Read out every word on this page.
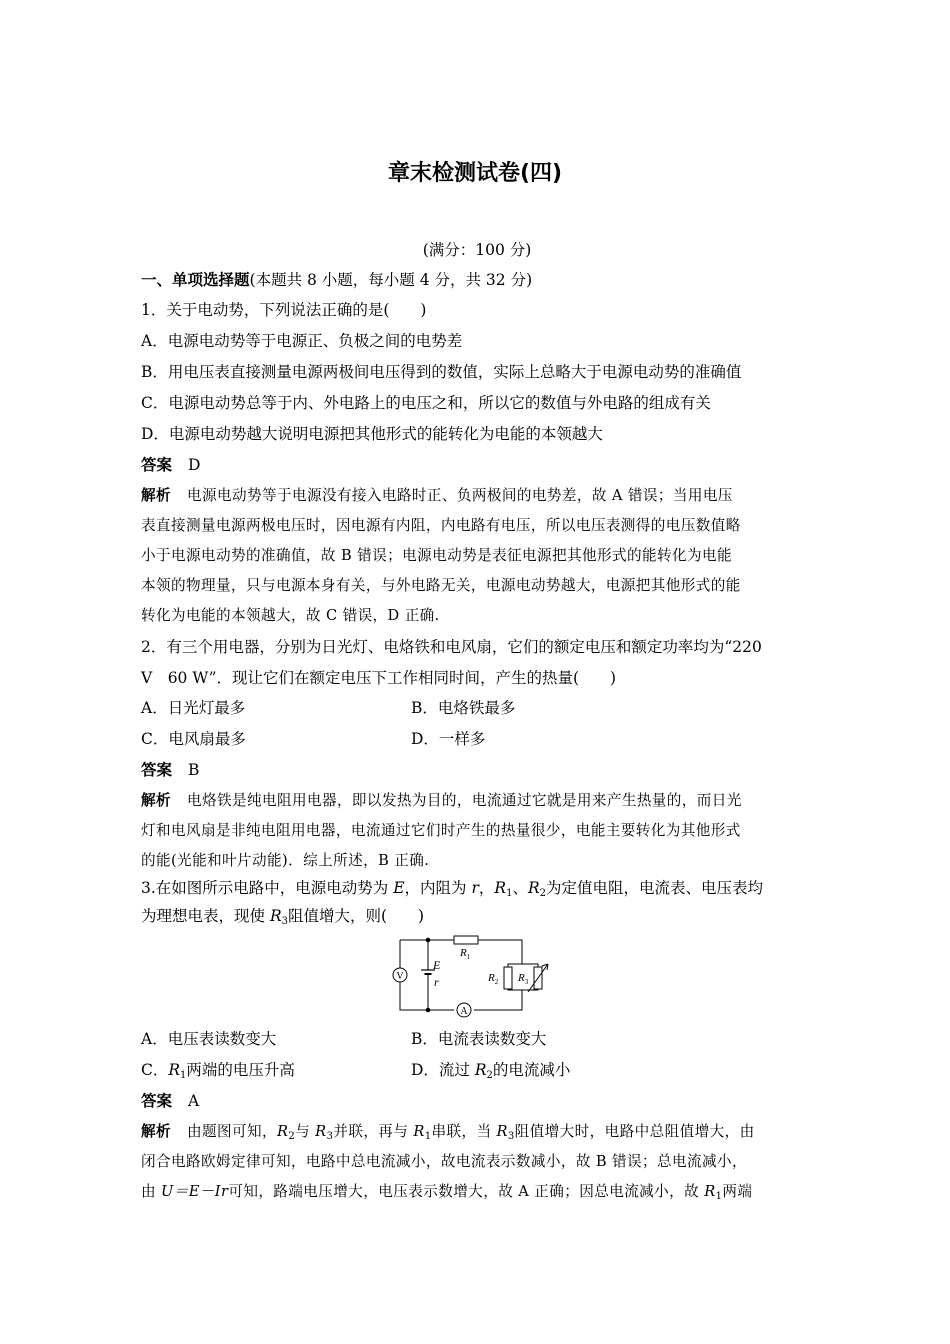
章末检测试卷(四)
(满分：100 分)
一、单项选择题(本题共 8 小题，每小题 4 分，共 32 分)
1．关于电动势，下列说法正确的是(　　)
A．电源电动势等于电源正、负极之间的电势差
B．用电压表直接测量电源两极间电压得到的数值，实际上总略大于电源电动势的准确值
C．电源电动势总等于内、外电路上的电压之和，所以它的数值与外电路的组成有关
D．电源电动势越大说明电源把其他形式的能转化为电能的本领越大
答案 D
解析 电源电动势等于电源没有接入电路时正、负两极间的电势差，故 A 错误；当用电压
表直接测量电源两极电压时，因电源有内阻，内电路有电压，所以电压表测得的电压数值略
小于电源电动势的准确值，故 B 错误；电源电动势是表征电源把其他形式的能转化为电能
本领的物理量，只与电源本身有关，与外电路无关，电源电动势越大，电源把其他形式的能
转化为电能的本领越大，故 C 错误，D 正确.
2．有三个用电器，分别为日光灯、电烙铁和电风扇，它们的额定电压和额定功率均为“220
V　60 W”．现让它们在额定电压下工作相同时间，产生的热量(　　)
A．日光灯最多	B．电烙铁最多
C．电风扇最多	D．一样多
答案 B
解析 电烙铁是纯电阻用电器，即以发热为目的，电流通过它就是用来产生热量的，而日光
灯和电风扇是非纯电阻用电器，电流通过它们时产生的热量很少，电能主要转化为其他形式
的能(光能和叶片动能)．综上所述，B 正确.
3.在如图所示电路中，电源电动势为 E，内阻为 r，$R_1$、$R_2$为定值电阻，电流表、电压表均
为理想电表，现使 $R_3$阻值增大，则(　　)
V
A
E
r
$R_1$
$R_2$ $R_3$
A．电压表读数变大	B．电流表读数变大
C．$R_1$两端的电压升高	D．流过 $R_2$的电流减小
答案 A
解析 由题图可知，$R_2$与 $R_3$并联，再与 $R_1$串联，当 $R_3$阻值增大时，电路中总阻值增大，由
闭合电路欧姆定律可知，电路中总电流减小，故电流表示数减小，故 B 错误；总电流减小，
由 U＝E－Ir可知，路端电压增大，电压表示数增大，故 A 正确；因总电流减小，故 $R_1$两端
